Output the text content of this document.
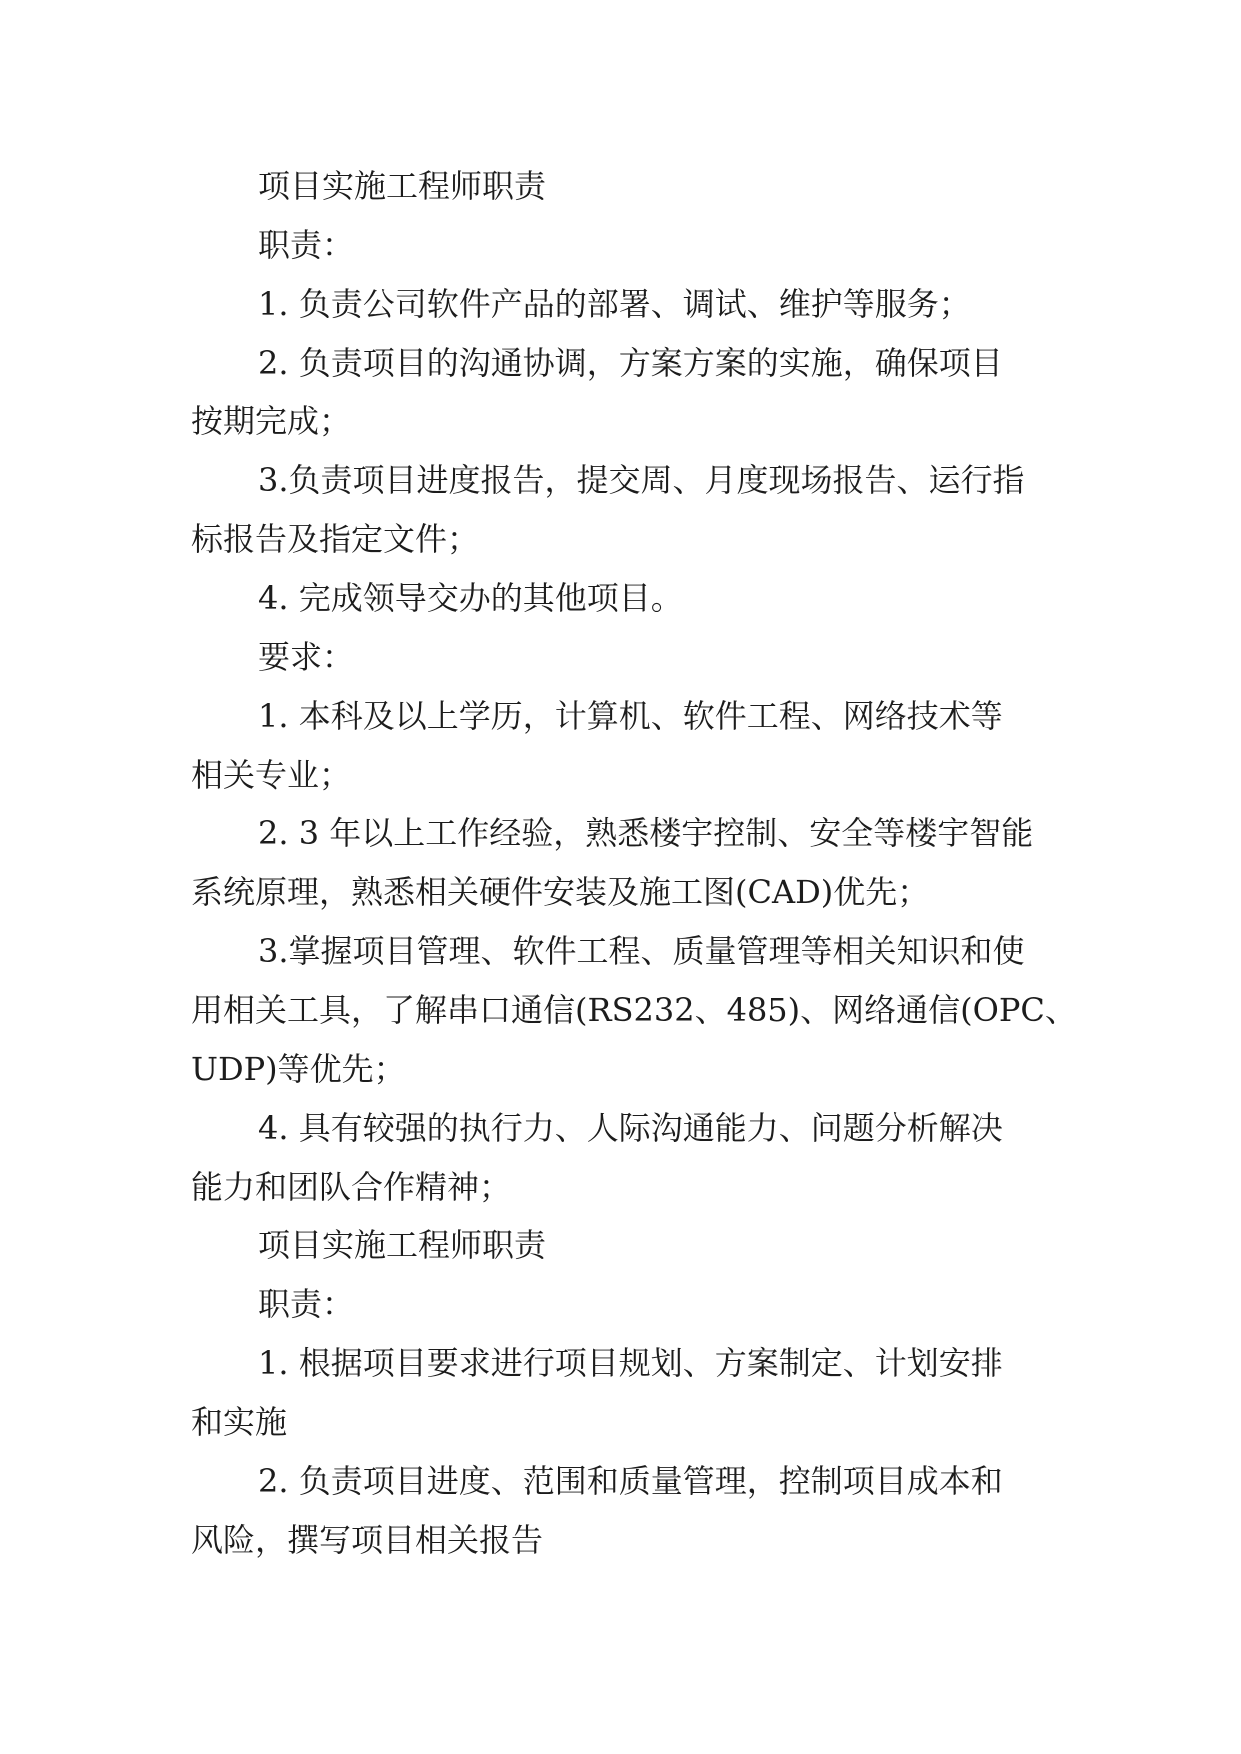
项目实施工程师职责
职责：
1. 负责公司软件产品的部署、调试、维护等服务；
2. 负责项目的沟通协调，方案方案的实施，确保项目
按期完成；
3.负责项目进度报告，提交周、月度现场报告、运行指
标报告及指定文件；
4. 完成领导交办的其他项目。
要求：
1. 本科及以上学历，计算机、软件工程、网络技术等
相关专业；
2. 3 年以上工作经验，熟悉楼宇控制、安全等楼宇智能
系统原理，熟悉相关硬件安装及施工图(CAD)优先；
3.掌握项目管理、软件工程、质量管理等相关知识和使
用相关工具，了解串口通信(RS232、485)、网络通信(OPC、
UDP)等优先；
4. 具有较强的执行力、人际沟通能力、问题分析解决
能力和团队合作精神；
项目实施工程师职责
职责：
1. 根据项目要求进行项目规划、方案制定、计划安排
和实施
2. 负责项目进度、范围和质量管理，控制项目成本和
风险，撰写项目相关报告
